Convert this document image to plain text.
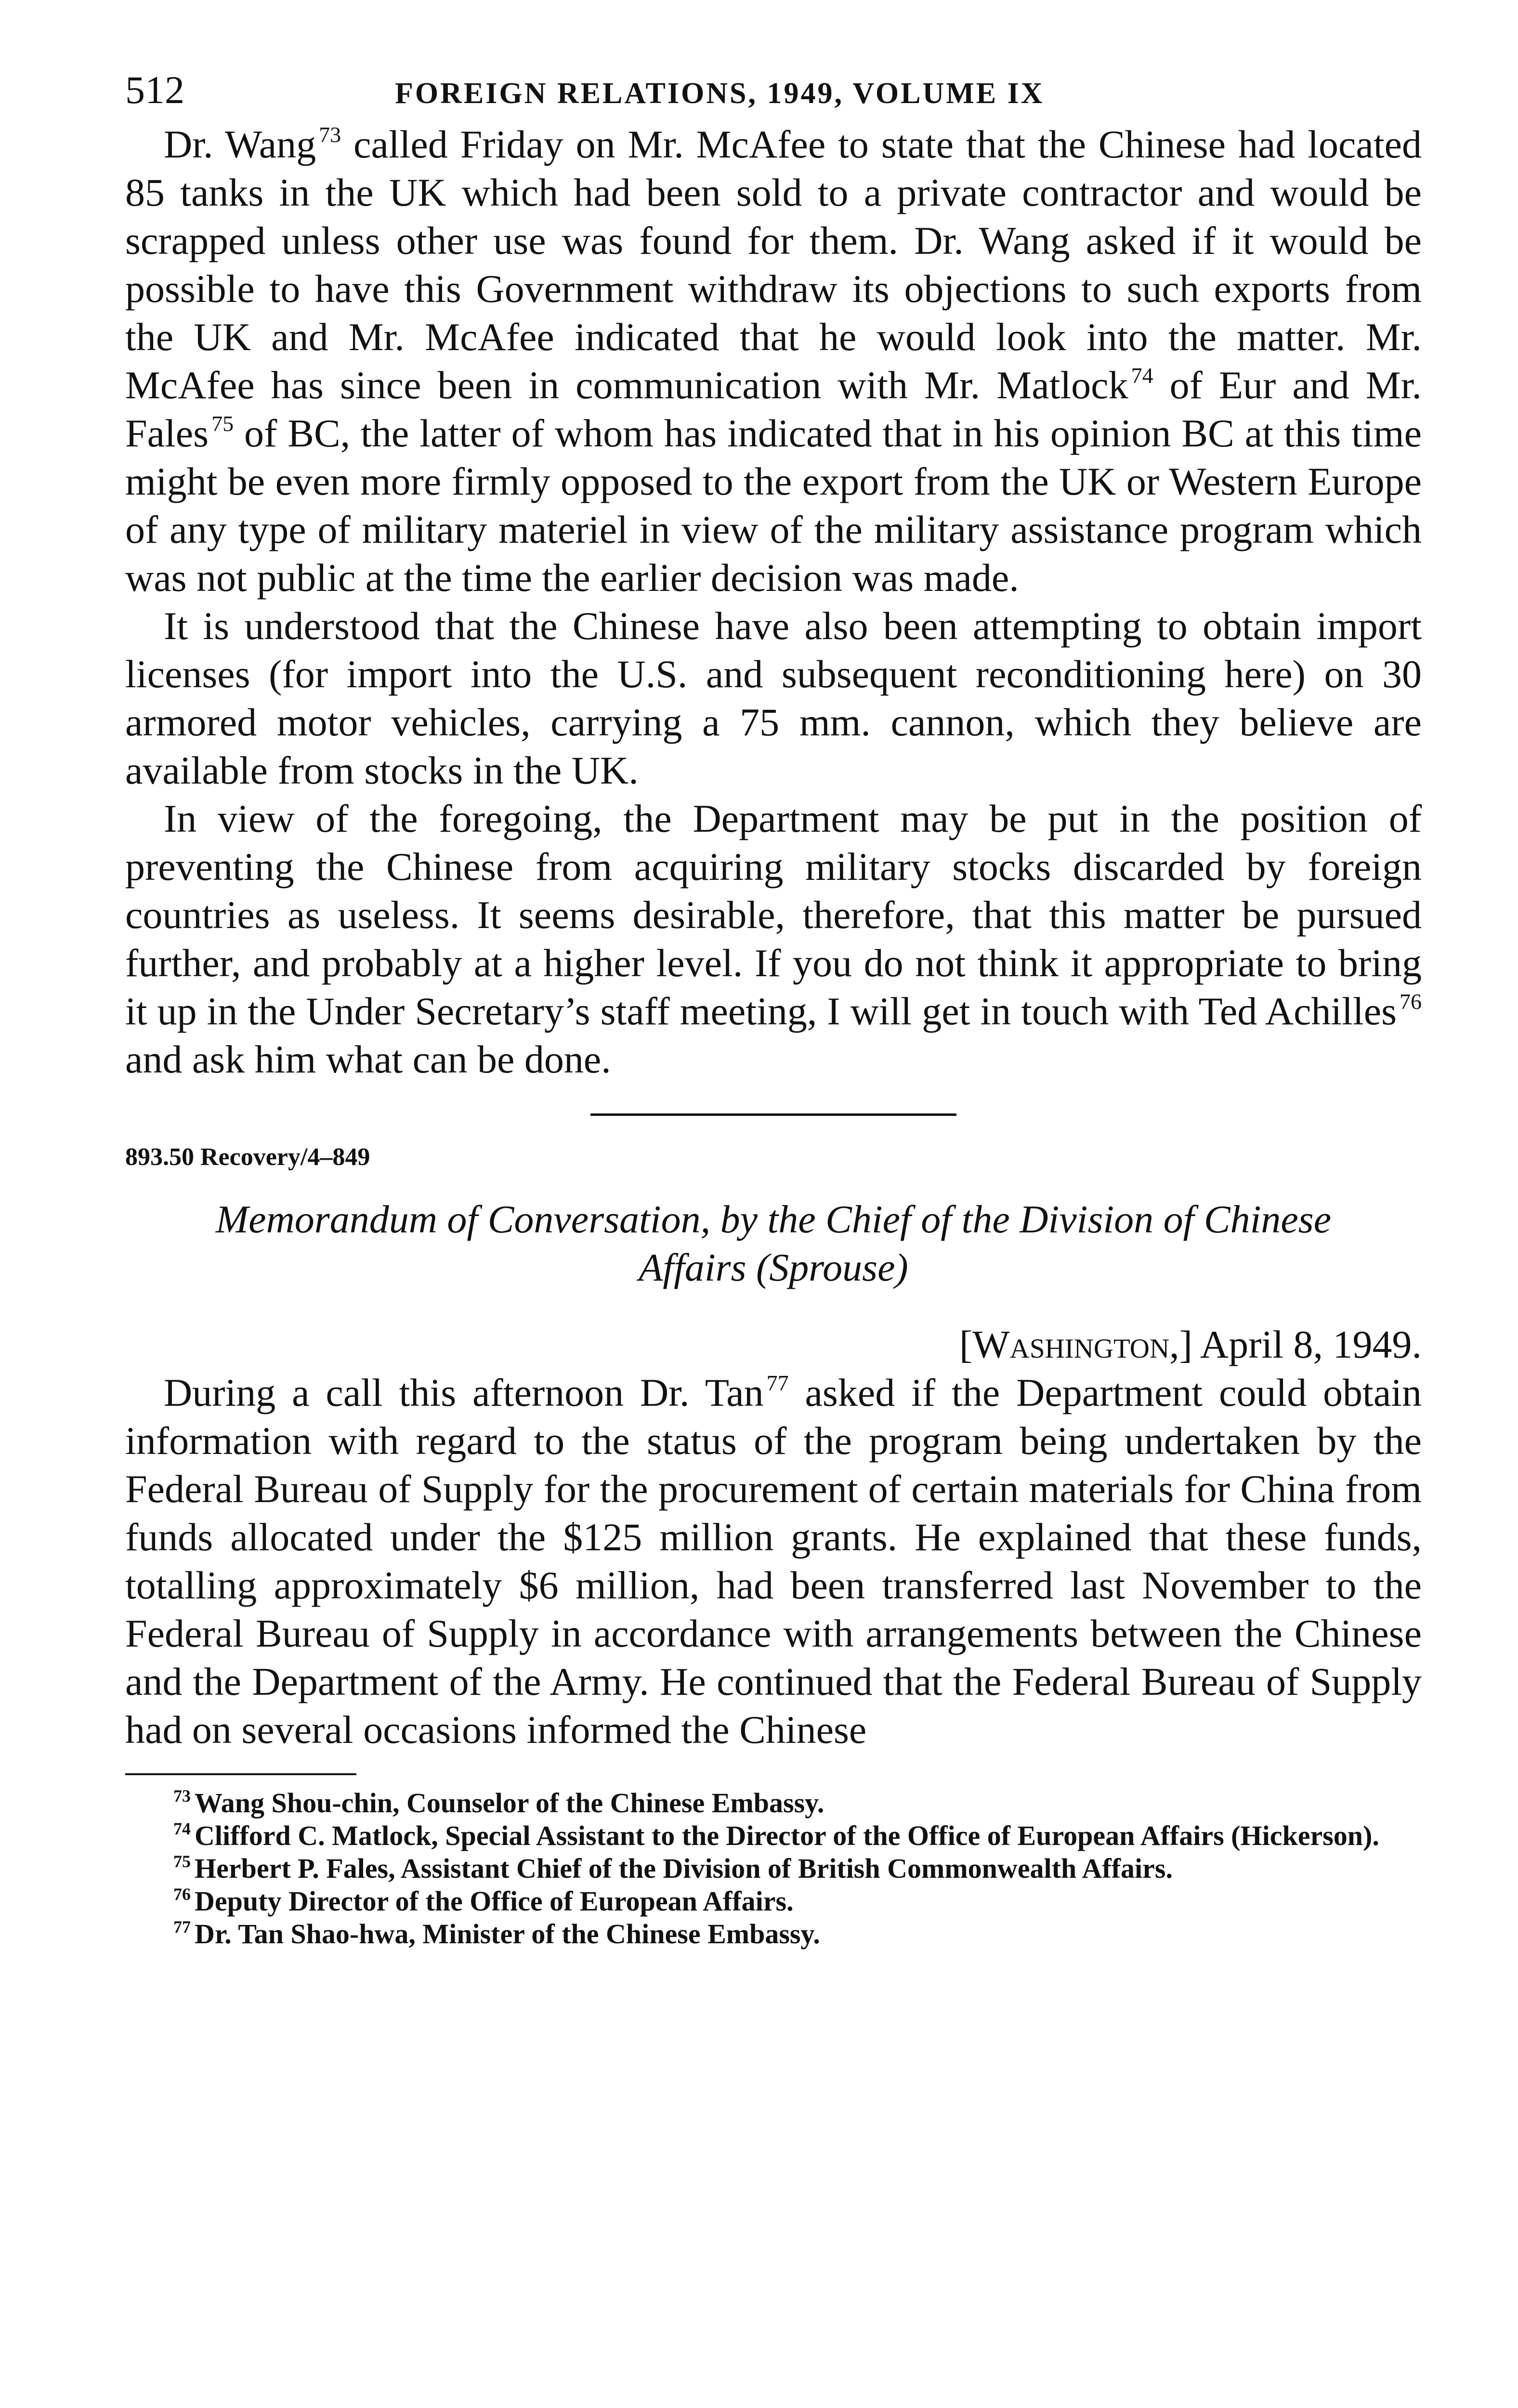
512	FOREIGN RELATIONS, 1949, VOLUME IX

Dr. Wang $^{73}$ called Friday on Mr. McAfee to state that the Chinese had located 85 tanks in the UK which had been sold to a private contractor and would be scrapped unless other use was found for them. Dr. Wang asked if it would be possible to have this Government withdraw its objections to such exports from the UK and Mr. McAfee indicated that he would look into the matter. Mr. McAfee has since been in communication with Mr. Matlock $^{74}$ of Eur and Mr. Fales $^{75}$ of BC, the latter of whom has indicated that in his opinion BC at this time might be even more firmly opposed to the export from the UK or Western Europe of any type of military materiel in view of the military assistance program which was not public at the time the earlier decision was made.

It is understood that the Chinese have also been attempting to obtain import licenses (for import into the U.S. and subsequent reconditioning here) on 30 armored motor vehicles, carrying a 75 mm. cannon, which they believe are available from stocks in the UK.

In view of the foregoing, the Department may be put in the position of preventing the Chinese from acquiring military stocks discarded by foreign countries as useless. It seems desirable, therefore, that this matter be pursued further, and probably at a higher level. If you do not think it appropriate to bring it up in the Under Secretary’s staff meeting, I will get in touch with Ted Achilles $^{76}$ and ask him what can be done.

893.50 Recovery/4–849
Memorandum of Conversation, by the Chief of the Division of Chinese Affairs (Sprouse)
[Washington,] April 8, 1949.

During a call this afternoon Dr. Tan $^{77}$ asked if the Department could obtain information with regard to the status of the program being undertaken by the Federal Bureau of Supply for the procurement of certain materials for China from funds allocated under the $125 million grants. He explained that these funds, totalling approximately $6 million, had been transferred last November to the Federal Bureau of Supply in accordance with arrangements between the Chinese and the Department of the Army. He continued that the Federal Bureau of Supply had on several occasions informed the Chinese

$^{73}$ Wang Shou-chin, Counselor of the Chinese Embassy.

$^{74}$ Clifford C. Matlock, Special Assistant to the Director of the Office of European Affairs (Hickerson).

$^{75}$ Herbert P. Fales, Assistant Chief of the Division of British Commonwealth Affairs.

$^{76}$ Deputy Director of the Office of European Affairs.

$^{77}$ Dr. Tan Shao-hwa, Minister of the Chinese Embassy.
